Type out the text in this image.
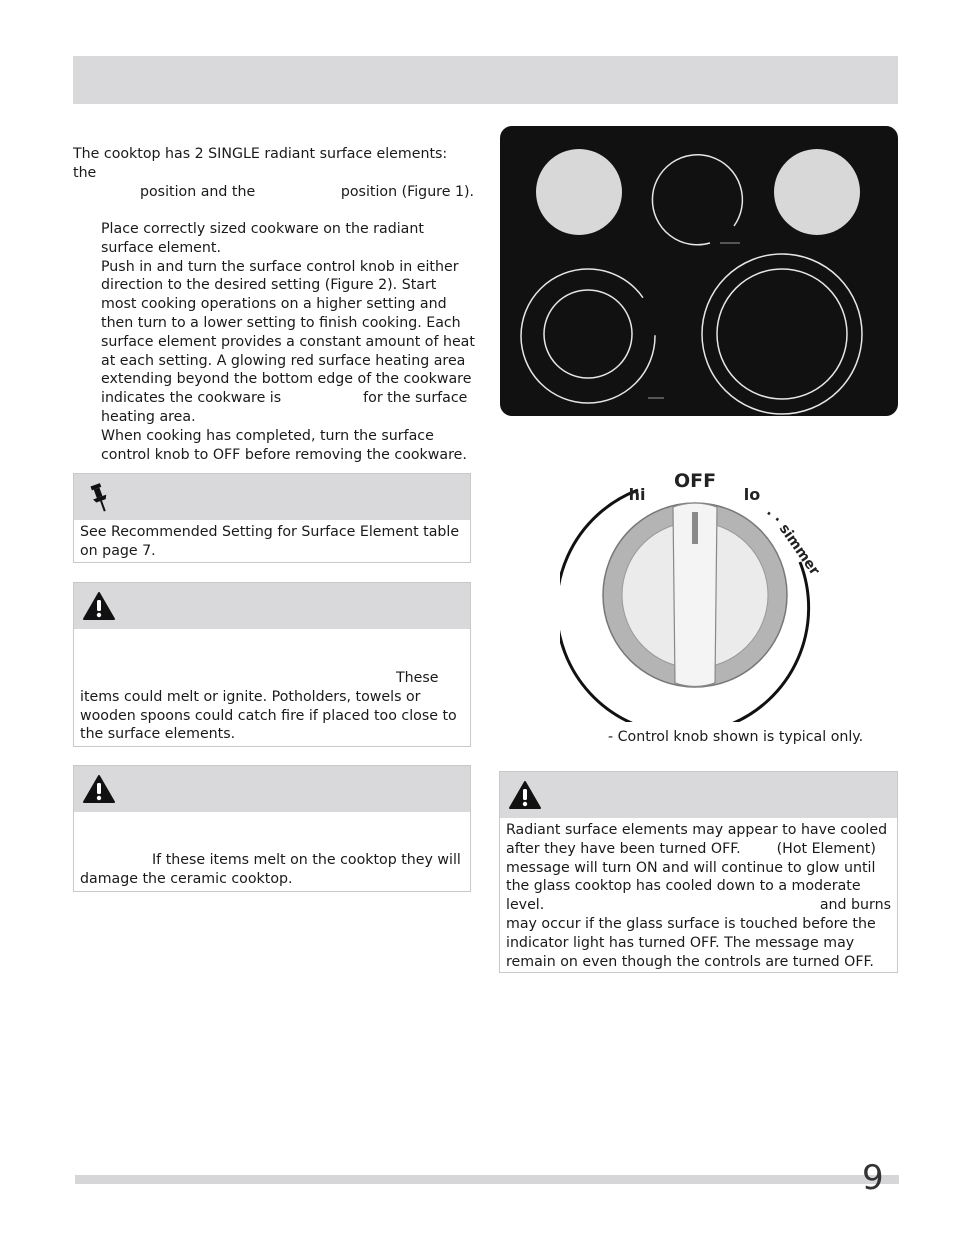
The cooktop has 2 SINGLE radiant surface elements: the
position and the                   position (Figure 1).

Place correctly sized cookware on the radiant surface element.

Push in and turn the surface control knob in either direction to the desired setting (Figure 2). Start most cooking operations on a higher setting and then turn to a lower setting to finish cooking. Each surface element provides a constant amount of heat at each setting. A glowing red surface heating area extending beyond the bottom edge of the cookware indicates the cookware is	for the surface heating area.

When cooking has completed, turn the surface control knob to OFF before removing the cookware.

See Recommended Setting for Surface Element table on page 7.
These
items could melt or ignite. Potholders, towels or wooden spoons could catch fire if placed too close to the surface elements.
If these items melt on the cooktop they will
damage the ceramic cooktop.
OFF
hi	lo
. .
simmer
- Control knob shown is typical only.
Radiant surface elements may appear to have cooled
after they have been turned OFF.	(Hot Element)
message will turn ON and will continue to glow until
the glass cooktop has cooled down to a moderate
level.	and burns
may occur if the glass surface is touched before the indicator light has turned OFF. The message may remain on even though the controls are turned OFF.
9
